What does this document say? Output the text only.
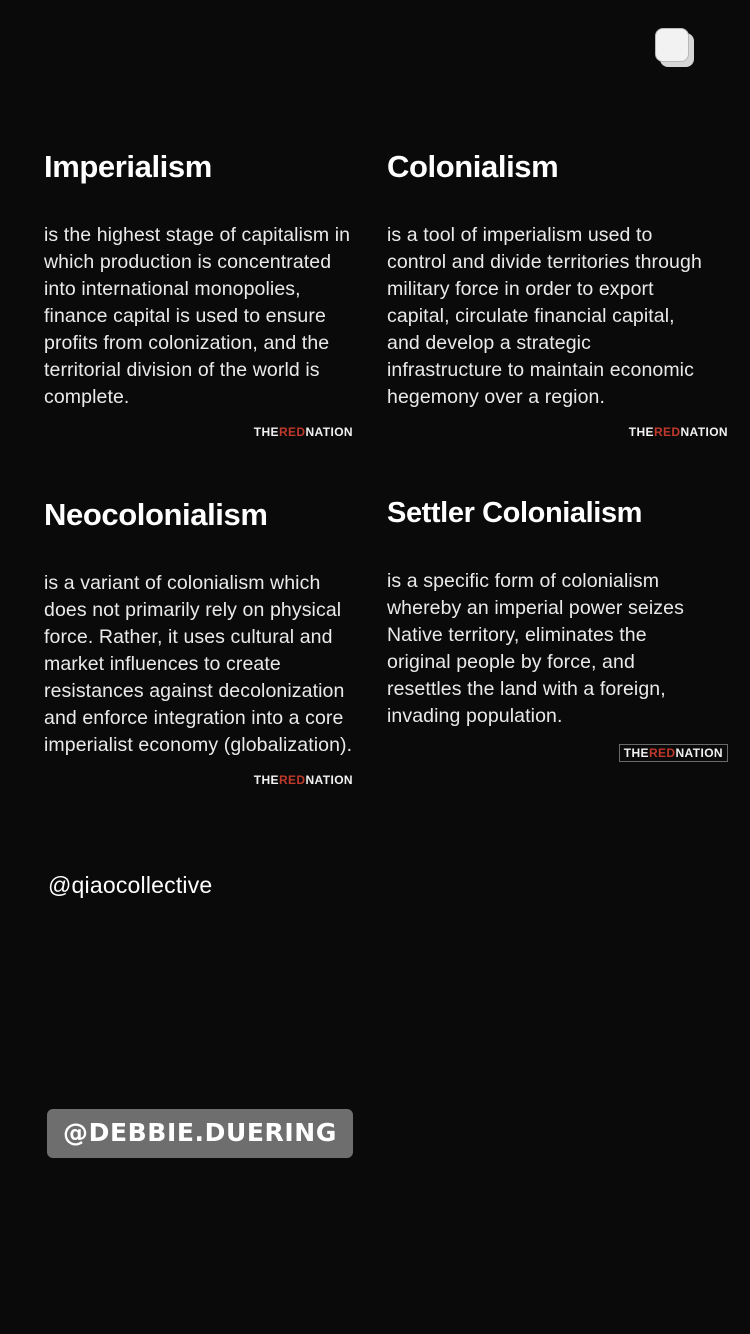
Imperialism
is the highest stage of capitalism in which production is concentrated into international monopolies, finance capital is used to ensure profits from colonization, and the territorial division of the world is complete.
THEREDNATION
Colonialism
is a tool of imperialism used to control and divide territories through military force in order to export capital, circulate financial capital, and develop a strategic infrastructure to maintain economic hegemony over a region.
THEREDNATION
Neocolonialism
is a variant of colonialism which does not primarily rely on physical force. Rather, it uses cultural and market influences to create resistances against decolonization and enforce integration into a core imperialist economy (globalization).
THEREDNATION
Settler Colonialism
is a specific form of colonialism whereby an imperial power seizes Native territory, eliminates the original people by force, and resettles the land with a foreign, invading population.
THEREDNATION
@qiaocollective
@DEBBIE.DUERING
